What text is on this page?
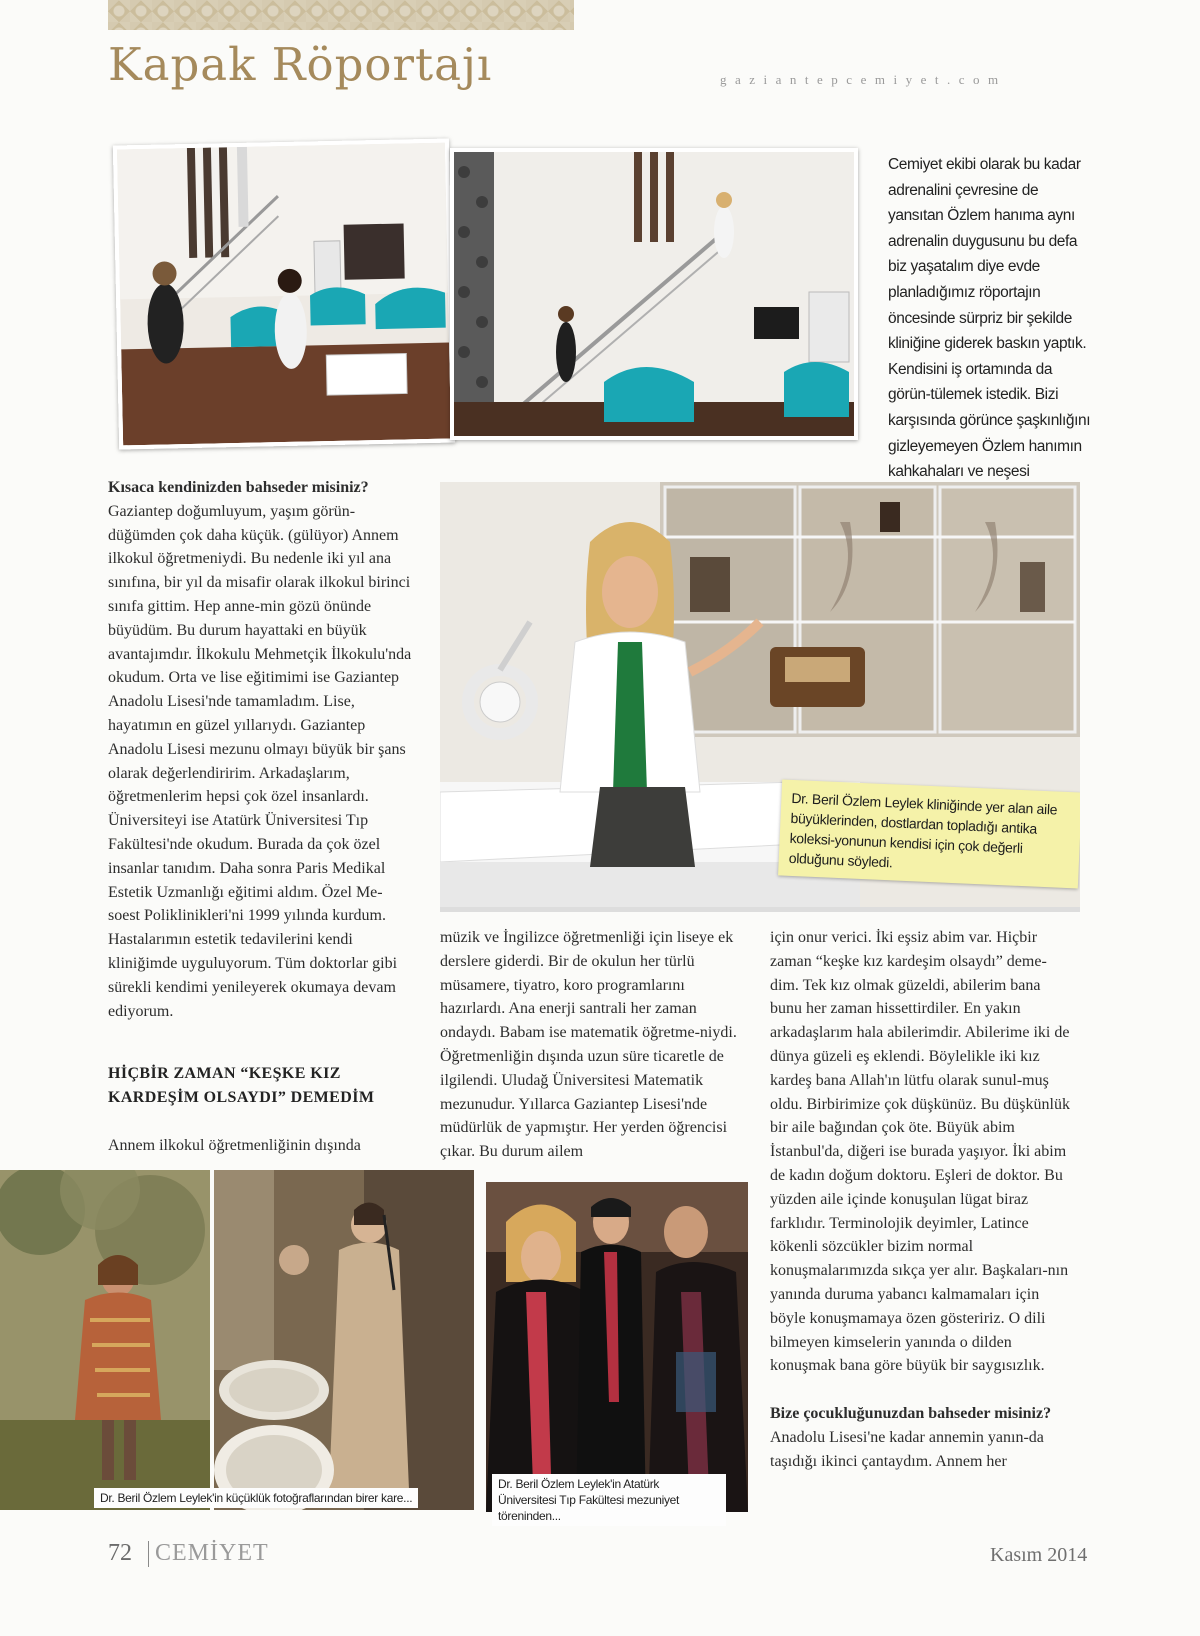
Kapak Röportajı	gaziantepcemiyet.com
Cemiyet ekibi olarak bu kadar adrenalini çevresine de yansıtan Özlem hanıma aynı adrenalin duygusunu bu defa biz yaşatalım diye evde planladığımız röportajın öncesinde sürpriz bir şekilde kliniğine giderek baskın yaptık. Kendisini iş ortamında da görün-tülemek istedik. Bizi karşısında görünce şaşkınlığını gizleyemeyen Özlem hanımın kahkahaları ve neşesi
Dr. Beril Özlem Leylek kliniğinde yer alan aile büyüklerinden, dostlardan topladığı antika koleksi-yonunun kendisi için çok değerli olduğunu söyledi.
Kısaca kendinizden bahseder misiniz?
Gaziantep doğumluyum, yaşım görün-düğümden çok daha küçük. (gülüyor) Annem ilkokul öğretmeniydi. Bu nedenle iki yıl ana sınıfına, bir yıl da misafir olarak ilkokul birinci sınıfa gittim. Hep anne-min gözü önünde büyüdüm. Bu durum hayattaki en büyük avantajımdır. İlkokulu Mehmetçik İlkokulu'nda okudum. Orta ve lise eğitimimi ise Gaziantep Anadolu Lisesi'nde tamamladım. Lise, hayatımın en güzel yıllarıydı. Gaziantep Anadolu Lisesi mezunu olmayı büyük bir şans olarak değerlendiririm. Arkadaşlarım, öğretmenlerim hepsi çok özel insanlardı. Üniversiteyi ise Atatürk Üniversitesi Tıp Fakültesi'nde okudum. Burada da çok özel insanlar tanıdım. Daha sonra Paris Medikal Estetik Uzmanlığı eğitimi aldım. Özel Me-soest Poliklinikleri'ni 1999 yılında kurdum. Hastalarımın estetik tedavilerini kendi kliniğimde uyguluyorum. Tüm doktorlar gibi sürekli kendimi yenileyerek okumaya devam ediyorum.
HİÇBİR ZAMAN “KEŞKE KIZ KARDEŞİM OLSAYDI” DEMEDİM
Annem ilkokul öğretmenliğinin dışında
müzik ve İngilizce öğretmenliği için liseye ek derslere giderdi. Bir de okulun her türlü müsamere, tiyatro, koro programlarını hazırlardı. Ana enerji santrali her zaman ondaydı. Babam ise matematik öğretme-niydi. Öğretmenliğin dışında uzun süre ticaretle de ilgilendi. Uludağ Üniversitesi Matematik mezunudur. Yıllarca Gaziantep Lisesi'nde müdürlük de yapmıştır. Her yerden öğrencisi çıkar. Bu durum ailem
için onur verici. İki eşsiz abim var. Hiçbir zaman “keşke kız kardeşim olsaydı” deme-dim. Tek kız olmak güzeldi, abilerim bana bunu her zaman hissettirdiler. En yakın arkadaşlarım hala abilerimdir. Abilerime iki de dünya güzeli eş eklendi. Böylelikle iki kız kardeş bana Allah'ın lütfu olarak sunul-muş oldu. Birbirimize çok düşkünüz. Bu düşkünlük bir aile bağından çok öte. Büyük abim İstanbul'da, diğeri ise burada yaşıyor. İki abim de kadın doğum doktoru. Eşleri de doktor. Bu yüzden aile içinde konuşulan lügat biraz farklıdır. Terminolojik deyimler, Latince kökenli sözcükler bizim normal konuşmalarımızda sıkça yer alır. Başkaları-nın yanında duruma yabancı kalmamaları için böyle konuşmamaya özen gösteririz. O dili bilmeyen kimselerin yanında o dilden konuşmak bana göre büyük bir saygısızlık.
Bize çocukluğunuzdan bahseder misiniz?
Anadolu Lisesi'ne kadar annemin yanın-da taşıdığı ikinci çantaydım. Annem her
Dr. Beril Özlem Leylek'in küçüklük fotoğraflarından birer kare...
Dr. Beril Özlem Leylek'in Atatürk Üniversitesi Tıp Fakültesi mezuniyet töreninden...
72 CEMİYET	Kasım 2014
